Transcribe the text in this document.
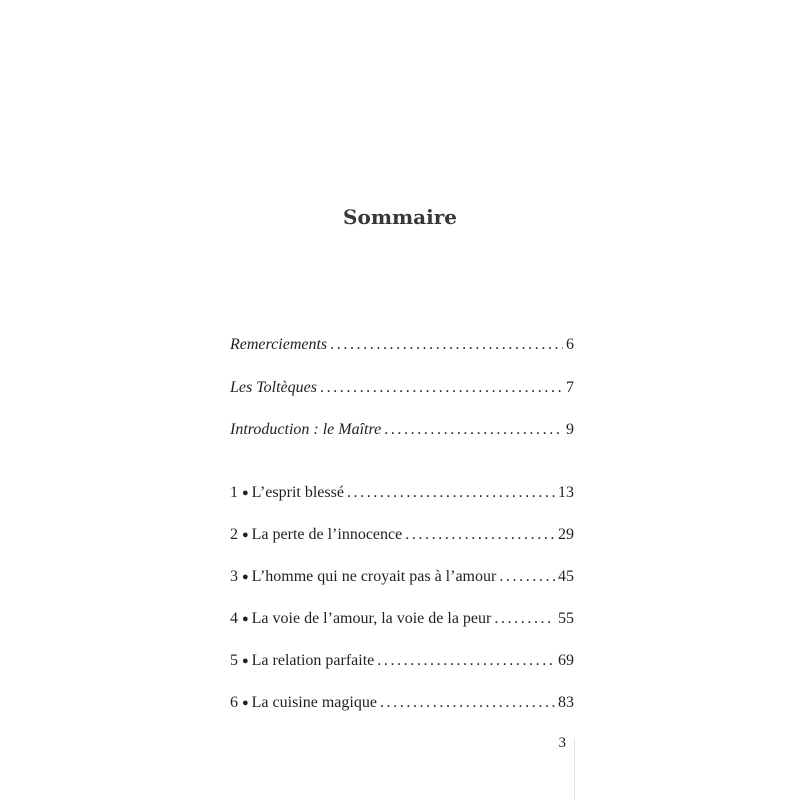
Sommaire
Remerciements .....	6
Les Toltèques .....	7
Introduction : le Maître .....	9
1 ● L’esprit blessé .....	13
2 ● La perte de l’innocence .....	29
3 ● L’homme qui ne croyait pas à l’amour .....	45
4 ● La voie de l’amour, la voie de la peur .....	55
5 ● La relation parfaite .....	69
6 ● La cuisine magique .....	83
3
